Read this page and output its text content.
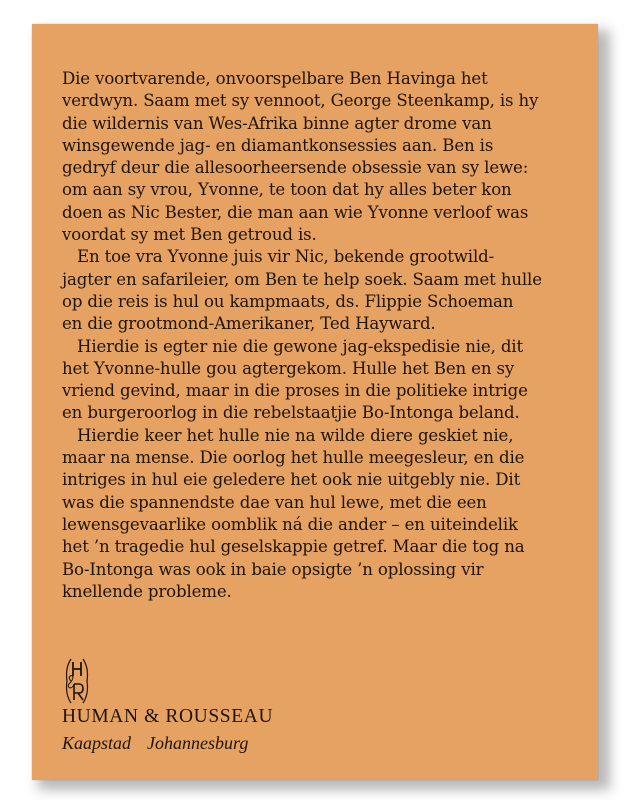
Die voortvarende, onvoorspelbare Ben Havinga het
verdwyn. Saam met sy vennoot, George Steenkamp, is hy
die wildernis van Wes-Afrika binne agter drome van
winsgewende jag- en diamantkonsessies aan. Ben is
gedryf deur die allesoorheersende obsessie van sy lewe:
om aan sy vrou, Yvonne, te toon dat hy alles beter kon
doen as Nic Bester, die man aan wie Yvonne verloof was
voordat sy met Ben getroud is.
En toe vra Yvonne juis vir Nic, bekende grootwild-
jagter en safarileier, om Ben te help soek. Saam met hulle
op die reis is hul ou kampmaats, ds. Flippie Schoeman
en die grootmond-Amerikaner, Ted Hayward.
Hierdie is egter nie die gewone jag-ekspedisie nie, dit
het Yvonne-hulle gou agtergekom. Hulle het Ben en sy
vriend gevind, maar in die proses in die politieke intrige
en burgeroorlog in die rebelstaatjie Bo-Intonga beland.
Hierdie keer het hulle nie na wilde diere geskiet nie,
maar na mense. Die oorlog het hulle meegesleur, en die
intriges in hul eie geledere het ook nie uitgebly nie. Dit
was die spannendste dae van hul lewe, met die een
lewensgevaarlike oomblik ná die ander – en uiteindelik
het ’n tragedie hul geselskappie getref. Maar die tog na
Bo-Intonga was ook in baie opsigte ’n oplossing vir
knellende probleme.
HUMAN & ROUSSEAU
Kaapstad Johannesburg
